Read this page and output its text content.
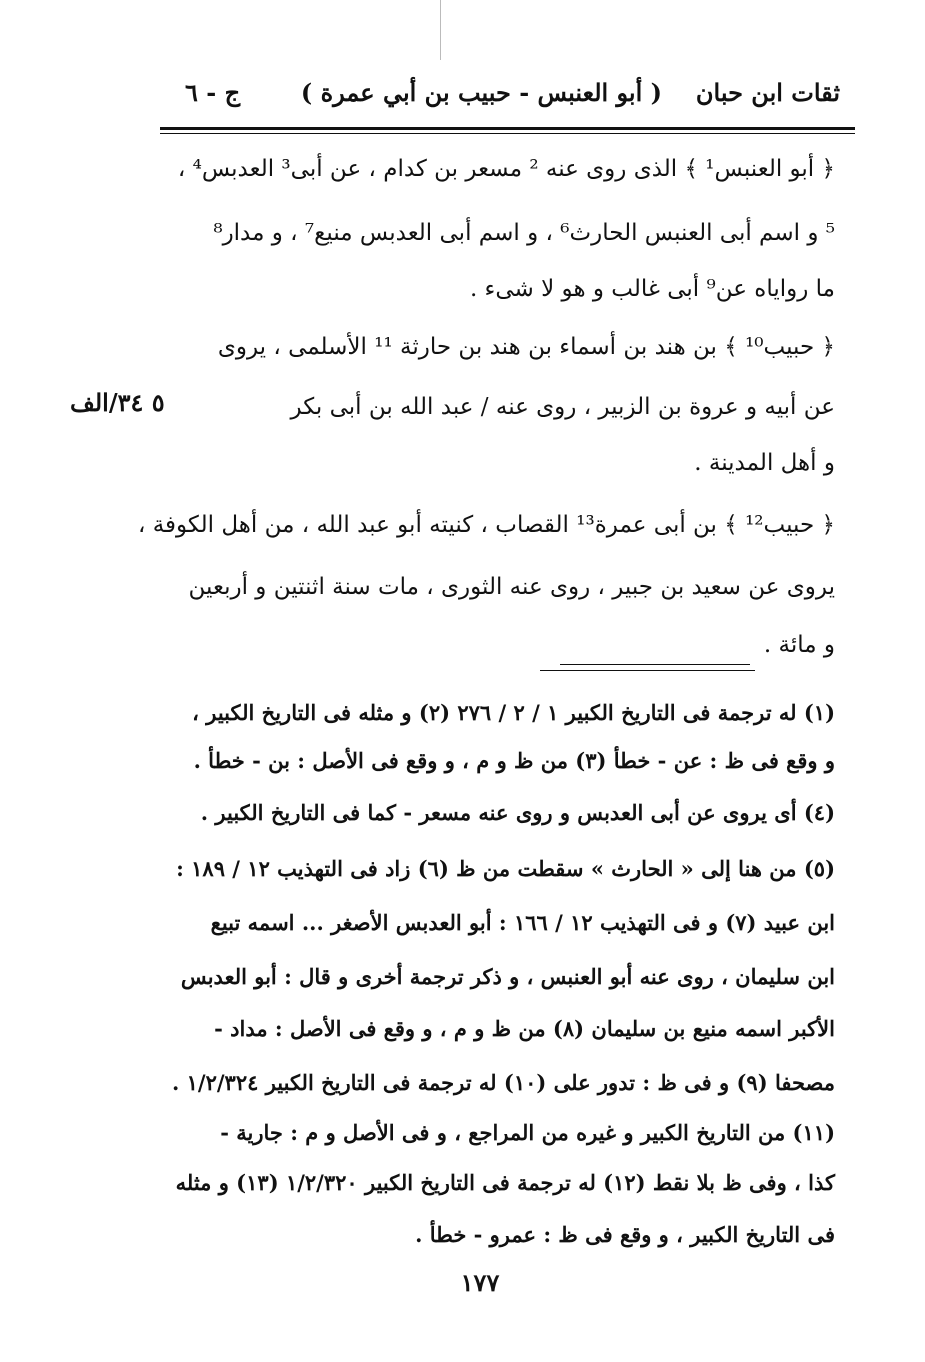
ثقات ابن حبان
( أبو العنبس - حبيب بن أبي عمرة )
ج - ٦
﴿ أبو العنبس¹ ﴾ الذى روى عنه ² مسعر بن كدام ، عن أبى³ العدبس⁴ ،
⁵ و اسم أبى العنبس الحارث⁶ ، و اسم أبى العدبس منيع⁷ ، و مدار⁸
ما رواياه عن⁹ أبى غالب و هو لا شىء .
﴿ حبيب¹⁰ ﴾ بن هند بن أسماء بن هند بن حارثة ¹¹ الأسلمى ، يروى
عن أبيه و عروة بن الزبير ، روى عنه / عبد الله بن أبى بكر
٥ ٣٤/الف
و أهل المدينة .
﴿ حبيب¹² ﴾ بن أبى عمرة¹³ القصاب ، كنيته أبو عبد الله ، من أهل الكوفة ،
يروى عن سعيد بن جبير ، روى عنه الثورى ، مات سنة اثنتين و أربعين
و مائة .
(١) له ترجمة فى التاريخ الكبير ١ / ٢ / ٢٧٦ (٢) و مثله فى التاريخ الكبير ،
و وقع فى ظ : عن - خطأ (٣) من ظ و م ، و وقع فى الأصل : بن - خطأ .
(٤) أى يروى عن أبى العدبس و روى عنه مسعر - كما فى التاريخ الكبير .
(٥) من هنا إلى « الحارث » سقطت من ظ (٦) زاد فى التهذيب ١٢ / ١٨٩ :
ابن عبيد (٧) و فى التهذيب ١٢ / ١٦٦ : أبو العدبس الأصغر ... اسمه تبيع
ابن سليمان ، روى عنه أبو العنبس ، و ذكر ترجمة أخرى و قال : أبو العدبس
الأكبر اسمه منيع بن سليمان (٨) من ظ و م ، و وقع فى الأصل : مداد -
مصحفا (٩) و فى ظ : تدور على (١٠) له ترجمة فى التاريخ الكبير ١/٢/٣٢٤ .
(١١) من التاريخ الكبير و غيره من المراجع ، و فى الأصل و م : جارية -
كذا ، وفى ظ بلا نقط (١٢) له ترجمة فى التاريخ الكبير ١/٢/٣٢٠ (١٣) و مثله
فى التاريخ الكبير ، و وقع فى ظ : عمرو - خطأ .
١٧٧
